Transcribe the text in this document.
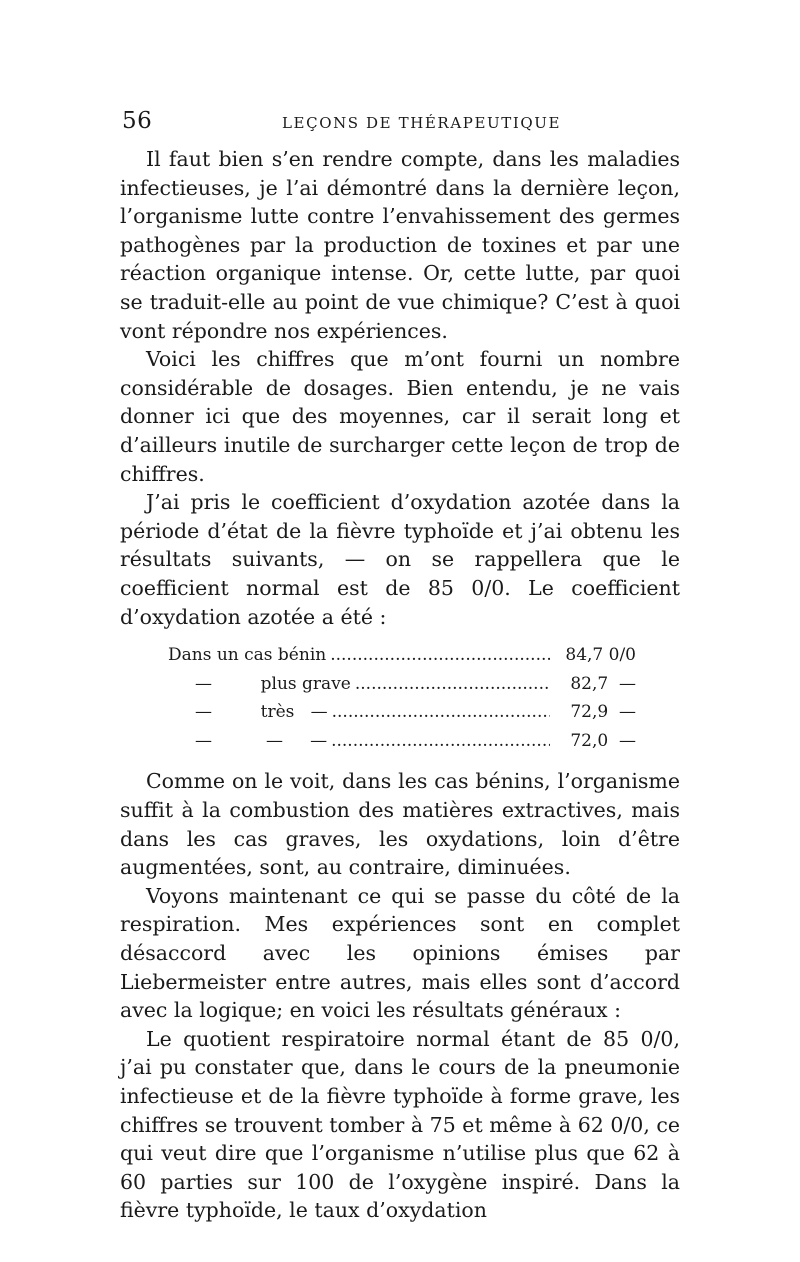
56	LEÇONS DE THÉRAPEUTIQUE

Il faut bien s’en rendre compte, dans les maladies infectieuses, je l’ai démontré dans la dernière leçon, l’organisme lutte contre l’envahissement des germes pathogènes par la production de toxines et par une réaction organique intense. Or, cette lutte, par quoi se traduit-elle au point de vue chimique? C’est à quoi vont répondre nos expériences.

Voici les chiffres que m’ont fourni un nombre considérable de dosages. Bien entendu, je ne vais donner ici que des moyennes, car il serait long et d’ailleurs inutile de surcharger cette leçon de trop de chiffres.

J’ai pris le coefficient d’oxydation azotée dans la période d’état de la fièvre typhoïde et j’ai obtenu les résultats suivants, — on se rappellera que le coefficient normal est de 85 0/0. Le coefficient d’oxydation azotée a été :

Dans un cas bénin .....	84,7 0/0
—         plus grave .....	82,7  —
—         très   — .....	72,9  —
—          —     — .....	72,0  —

Comme on le voit, dans les cas bénins, l’organisme suffit à la combustion des matières extractives, mais dans les cas graves, les oxydations, loin d’être augmentées, sont, au contraire, diminuées.

Voyons maintenant ce qui se passe du côté de la respiration. Mes expériences sont en complet désaccord avec les opinions émises par Liebermeister entre autres, mais elles sont d’accord avec la logique; en voici les résultats généraux :

Le quotient respiratoire normal étant de 85 0/0, j’ai pu constater que, dans le cours de la pneumonie infectieuse et de la fièvre typhoïde à forme grave, les chiffres se trouvent tomber à 75 et même à 62 0/0, ce qui veut dire que l’organisme n’utilise plus que 62 à 60 parties sur 100 de l’oxygène inspiré. Dans la fièvre typhoïde, le taux d’oxydation
